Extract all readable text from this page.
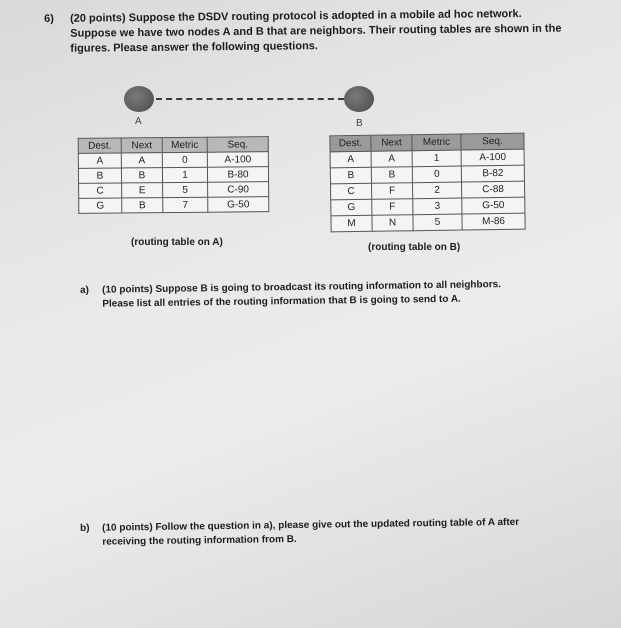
6) (20 points) Suppose the DSDV routing protocol is adopted in a mobile ad hoc network.
Suppose we have two nodes A and B that are neighbors. Their routing tables are shown in the
figures. Please answer the following questions.
A	B
Dest.	Next	Metric	Seq.
A	A	0	A-100
B	B	1	B-80
C	E	5	C-90
G	B	7	G-50
(routing table on A)
Dest.	Next	Metric	Seq.
A	A	1	A-100
B	B	0	B-82
C	F	2	C-88
G	F	3	G-50
M	N	5	M-86
(routing table on B)
a) (10 points) Suppose B is going to broadcast its routing information to all neighbors.
Please list all entries of the routing information that B is going to send to A.
b) (10 points) Follow the question in a), please give out the updated routing table of A after
receiving the routing information from B.
